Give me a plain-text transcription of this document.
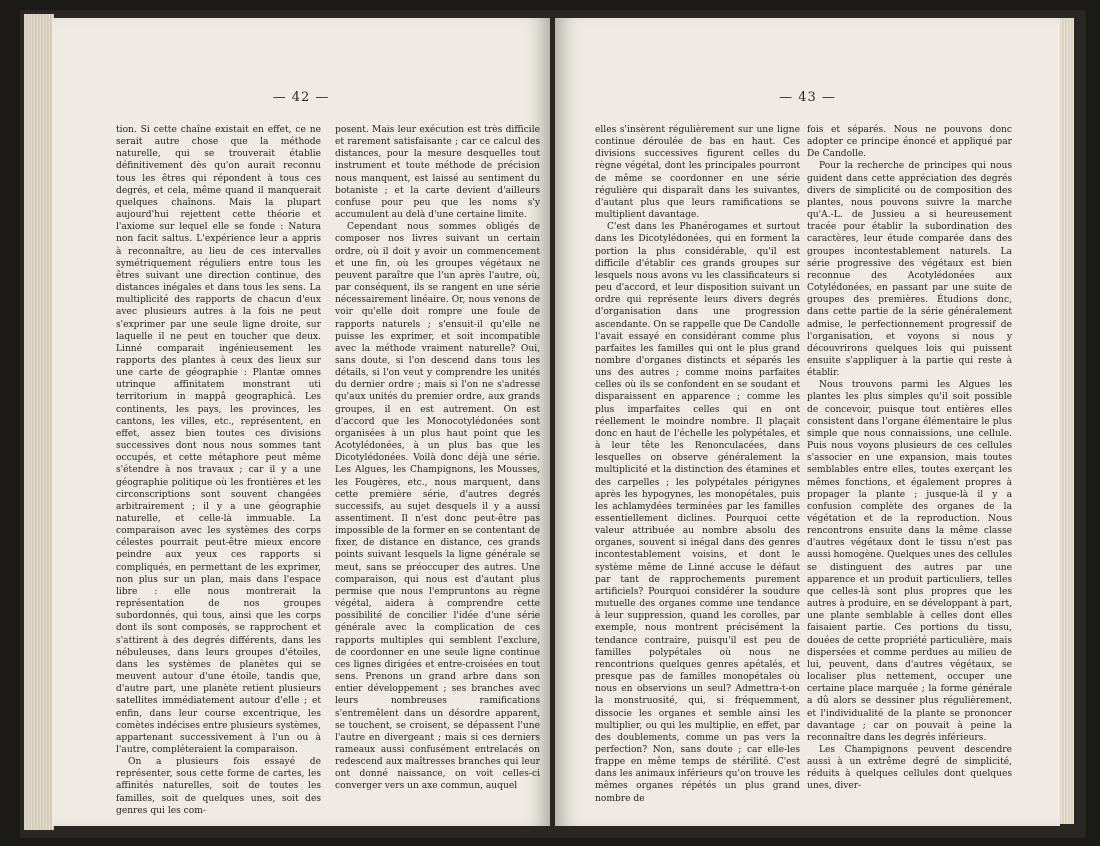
— 42 —

tion. Si cette chaîne existait en effet, ce ne serait autre chose que la méthode naturelle, qui se trouverait établie définitivement dès qu'on aurait reconnu tous les êtres qui répondent à tous ces degrés, et cela, même quand il manquerait quelques chaînons. Mais la plupart aujourd'hui rejettent cette théorie et l'axiome sur lequel elle se fonde : Natura non facit saltus. L'expérience leur a appris à reconnaître, au lieu de ces intervalles symétriquement réguliers entre tous les êtres suivant une direction continue, des distances inégales et dans tous les sens. La multiplicité des rapports de chacun d'eux avec plusieurs autres à la fois ne peut s'exprimer par une seule ligne droite, sur laquelle il ne peut en toucher que deux. Linné comparait ingénieusement les rapports des plantes à ceux des lieux sur une carte de géographie : Plantæ omnes utrinque affinitatem monstrant uti territorium in mappâ geographicâ. Les continents, les pays, les provinces, les cantons, les villes, etc., représentent, en effet, assez bien toutes ces divisions successives dont nous nous sommes tant occupés, et cette métaphore peut même s'étendre à nos travaux ; car il y a une géographie politique où les frontières et les circonscriptions sont souvent changées arbitrairement ; il y a une géographie naturelle, et celle-là immuable. La comparaison avec les systèmes des corps célestes pourrait peut-être mieux encore peindre aux yeux ces rapports si compliqués, en permettant de les exprimer, non plus sur un plan, mais dans l'espace libre : elle nous montrerait la représentation de nos groupes subordonnés, qui tous, ainsi que les corps dont ils sont composés, se rapprochent et s'attirent à des degrés différents, dans les nébuleuses, dans leurs groupes d'étoiles, dans les systèmes de planètes qui se meuvent autour d'une étoile, tandis que, d'autre part, une planète retient plusieurs satellites immédiatement autour d'elle ; et enfin, dans leur course excentrique, les comètes indécises entre plusieurs systèmes, appartenant successivement à l'un ou à l'autre, compléteraient la comparaison.

On a plusieurs fois essayé de représenter, sous cette forme de cartes, les affinités naturelles, soit de toutes les familles, soit de quelques unes, soit des genres qui les com-

posent. Mais leur exécution est très difficile et rarement satisfaisante ; car ce calcul des distances, pour la mesure desquelles tout instrument et toute méthode de précision nous manquent, est laissé au sentiment du botaniste ; et la carte devient d'ailleurs confuse pour peu que les noms s'y accumulent au delà d'une certaine limite.

Cependant nous sommes obligés de composer nos livres suivant un certain ordre, où il doit y avoir un commencement et une fin, où les groupes végétaux ne peuvent paraître que l'un après l'autre, où, par conséquent, ils se rangent en une série nécessairement linéaire. Or, nous venons de voir qu'elle doit rompre une foule de rapports naturels ; s'ensuit-il qu'elle ne puisse les exprimer, et soit incompatible avec la méthode vraiment naturelle? Oui, sans doute, si l'on descend dans tous les détails, si l'on veut y comprendre les unités du dernier ordre ; mais si l'on ne s'adresse qu'aux unités du premier ordre, aux grands groupes, il en est autrement. On est d'accord que les Monocotylédonées sont organisées à un plus haut point que les Acotylédonées, à un plus bas que les Dicotylédonées. Voilà donc déjà une série. Les Algues, les Champignons, les Mousses, les Fougères, etc., nous marquent, dans cette première série, d'autres degrés successifs, au sujet desquels il y a aussi assentiment. Il n'est donc peut-être pas impossible de la former en se contentant de fixer, de distance en distance, ces grands points suivant lesquels la ligne générale se meut, sans se préoccuper des autres. Une comparaison, qui nous est d'autant plus permise que nous l'empruntons au règne végétal, aidera à comprendre cette possibilité de concilier l'idée d'une série générale avec la complication de ces rapports multiples qui semblent l'exclure, de coordonner en une seule ligne continue ces lignes dirigées et entre-croisées en tout sens. Prenons un grand arbre dans son entier développement ; ses branches avec leurs nombreuses ramifications s'entremêlent dans un désordre apparent, se touchent, se croisent, se dépassent l'une l'autre en divergeant ; mais si ces derniers rameaux aussi confusément entrelacés on redescend aux maîtresses branches qui leur ont donné naissance, on voit celles-ci converger vers un axe commun, auquel

— 43 —

elles s'insèrent régulièrement sur une ligne continue déroulée de bas en haut. Ces divisions successives figurent celles du règne végétal, dont les principales pourront de même se coordonner en une série régulière qui disparaît dans les suivantes, d'autant plus que leurs ramifications se multiplient davantage.

C'est dans les Phanérogames et surtout dans les Dicotylédonées, qui en forment la portion la plus considérable, qu'il est difficile d'établir ces grands groupes sur lesquels nous avons vu les classificateurs si peu d'accord, et leur disposition suivant un ordre qui représente leurs divers degrés d'organisation dans une progression ascendante. On se rappelle que De Candolle l'avait essayé en considérant comme plus parfaites les familles qui ont le plus grand nombre d'organes distincts et séparés les uns des autres ; comme moins parfaites celles où ils se confondent en se soudant et disparaissent en apparence ; comme les plus imparfaites celles qui en ont réellement le moindre nombre. Il plaçait donc en haut de l'échelle les polypétales, et à leur tête les Renonculacées, dans lesquelles on observe généralement la multiplicité et la distinction des étamines et des carpelles ; les polypétales périgynes après les hypogynes, les monopétales, puis les achlamydées terminées par les familles essentiellement diclines. Pourquoi cette valeur attribuée au nombre absolu des organes, souvent si inégal dans des genres incontestablement voisins, et dont le système même de Linné accuse le défaut par tant de rapprochements purement artificiels? Pourquoi considérer la soudure mutuelle des organes comme une tendance à leur suppression, quand les corolles, par exemple, nous montrent précisément la tendance contraire, puisqu'il est peu de familles polypétales où nous ne rencontrions quelques genres apétalés, et presque pas de familles monopétales où nous en observions un seul? Admettra-t-on la monstruosité, qui, si fréquemment, dissocie les organes et semble ainsi les multiplier, ou qui les multiplie, en effet, par des doublements, comme un pas vers la perfection? Non, sans doute ; car elle-les frappe en même temps de stérilité. C'est dans les animaux inférieurs qu'on trouve les mêmes organes répétés un plus grand nombre de

fois et séparés. Nous ne pouvons donc adopter ce principe énoncé et appliqué par De Candolle.

Pour la recherche de principes qui nous guident dans cette appréciation des degrés divers de simplicité ou de composition des plantes, nous pouvons suivre la marche qu'A.-L. de Jussieu a si heureusement tracée pour établir la subordination des caractères, leur étude comparée dans des groupes incontestablement naturels. La série progressive des végétaux est bien reconnue des Acotylédonées aux Cotylédonées, en passant par une suite de groupes des premières. Étudions donc, dans cette partie de la série généralement admise, le perfectionnement progressif de l'organisation, et voyons si nous y découvrirons quelques lois qui puissent ensuite s'appliquer à la partie qui reste à établir.

Nous trouvons parmi les Algues les plantes les plus simples qu'il soit possible de concevoir, puisque tout entières elles consistent dans l'organe élémentaire le plus simple que nous connaissions, une cellule. Puis nous voyons plusieurs de ces cellules s'associer en une expansion, mais toutes semblables entre elles, toutes exerçant les mêmes fonctions, et également propres à propager la plante ; jusque-là il y a confusion complète des organes de la végétation et de la reproduction. Nous rencontrons ensuite dans la même classe d'autres végétaux dont le tissu n'est pas aussi homogène. Quelques unes des cellules se distinguent des autres par une apparence et un produit particuliers, telles que celles-là sont plus propres que les autres à produire, en se développant à part, une plante semblable à celles dont elles faisaient partie. Ces portions du tissu, douées de cette propriété particulière, mais dispersées et comme perdues au milieu de lui, peuvent, dans d'autres végétaux, se localiser plus nettement, occuper une certaine place marquée ; la forme générale a dû alors se dessiner plus régulièrement, et l'individualité de la plante se prononcer davantage ; car on pouvait à peine la reconnaître dans les degrés inférieurs.

Les Champignons peuvent descendre aussi à un extrême degré de simplicité, réduits à quelques cellules dont quelques unes, diver-
